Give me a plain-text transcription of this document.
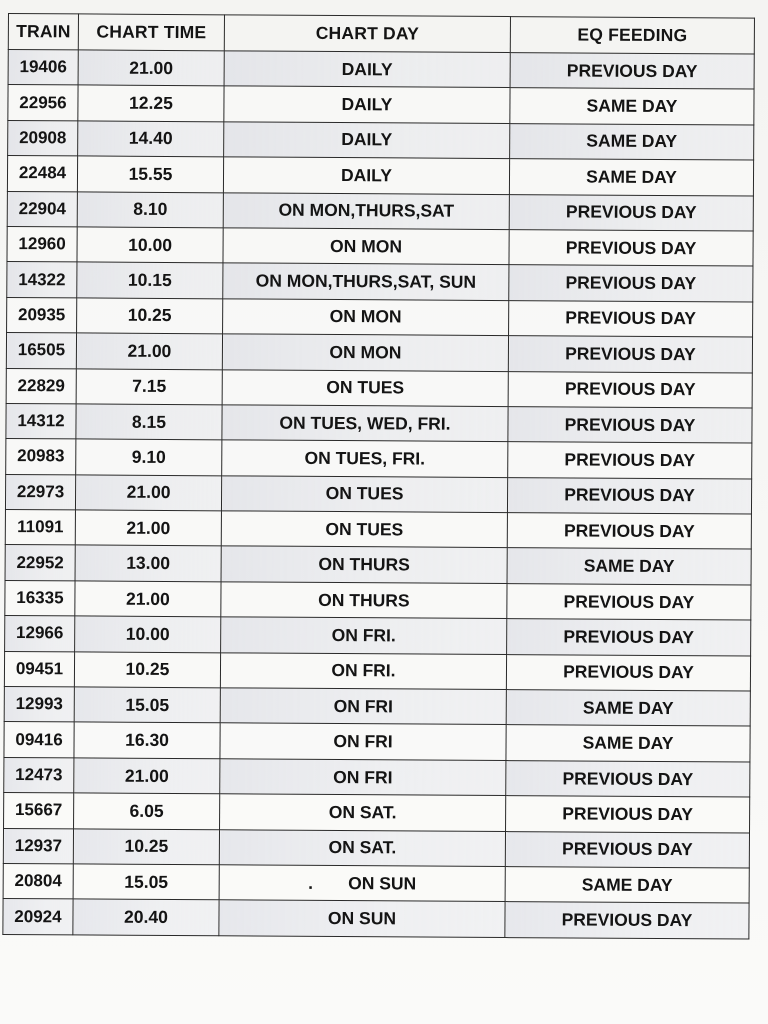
TRAIN	CHART TIME	CHART DAY	EQ FEEDING
19406	21.00	DAILY	PREVIOUS DAY
22956	12.25	DAILY	SAME DAY
20908	14.40	DAILY	SAME DAY
22484	15.55	DAILY	SAME DAY
22904	8.10	ON MON,THURS,SAT	PREVIOUS DAY
12960	10.00	ON MON	PREVIOUS DAY
14322	10.15	ON MON,THURS,SAT, SUN	PREVIOUS DAY
20935	10.25	ON MON	PREVIOUS DAY
16505	21.00	ON MON	PREVIOUS DAY
22829	7.15	ON TUES	PREVIOUS DAY
14312	8.15	ON TUES, WED, FRI.	PREVIOUS DAY
20983	9.10	ON TUES, FRI.	PREVIOUS DAY
22973	21.00	ON TUES	PREVIOUS DAY
11091	21.00	ON TUES	PREVIOUS DAY
22952	13.00	ON THURS	SAME DAY
16335	21.00	ON THURS	PREVIOUS DAY
12966	10.00	ON FRI.	PREVIOUS DAY
09451	10.25	ON FRI.	PREVIOUS DAY
12993	15.05	ON FRI	SAME DAY
09416	16.30	ON FRI	SAME DAY
12473	21.00	ON FRI	PREVIOUS DAY
15667	6.05	ON SAT.	PREVIOUS DAY
12937	10.25	ON SAT.	PREVIOUS DAY
20804	15.05	. ON SUN	SAME DAY
20924	20.40	ON SUN	PREVIOUS DAY
